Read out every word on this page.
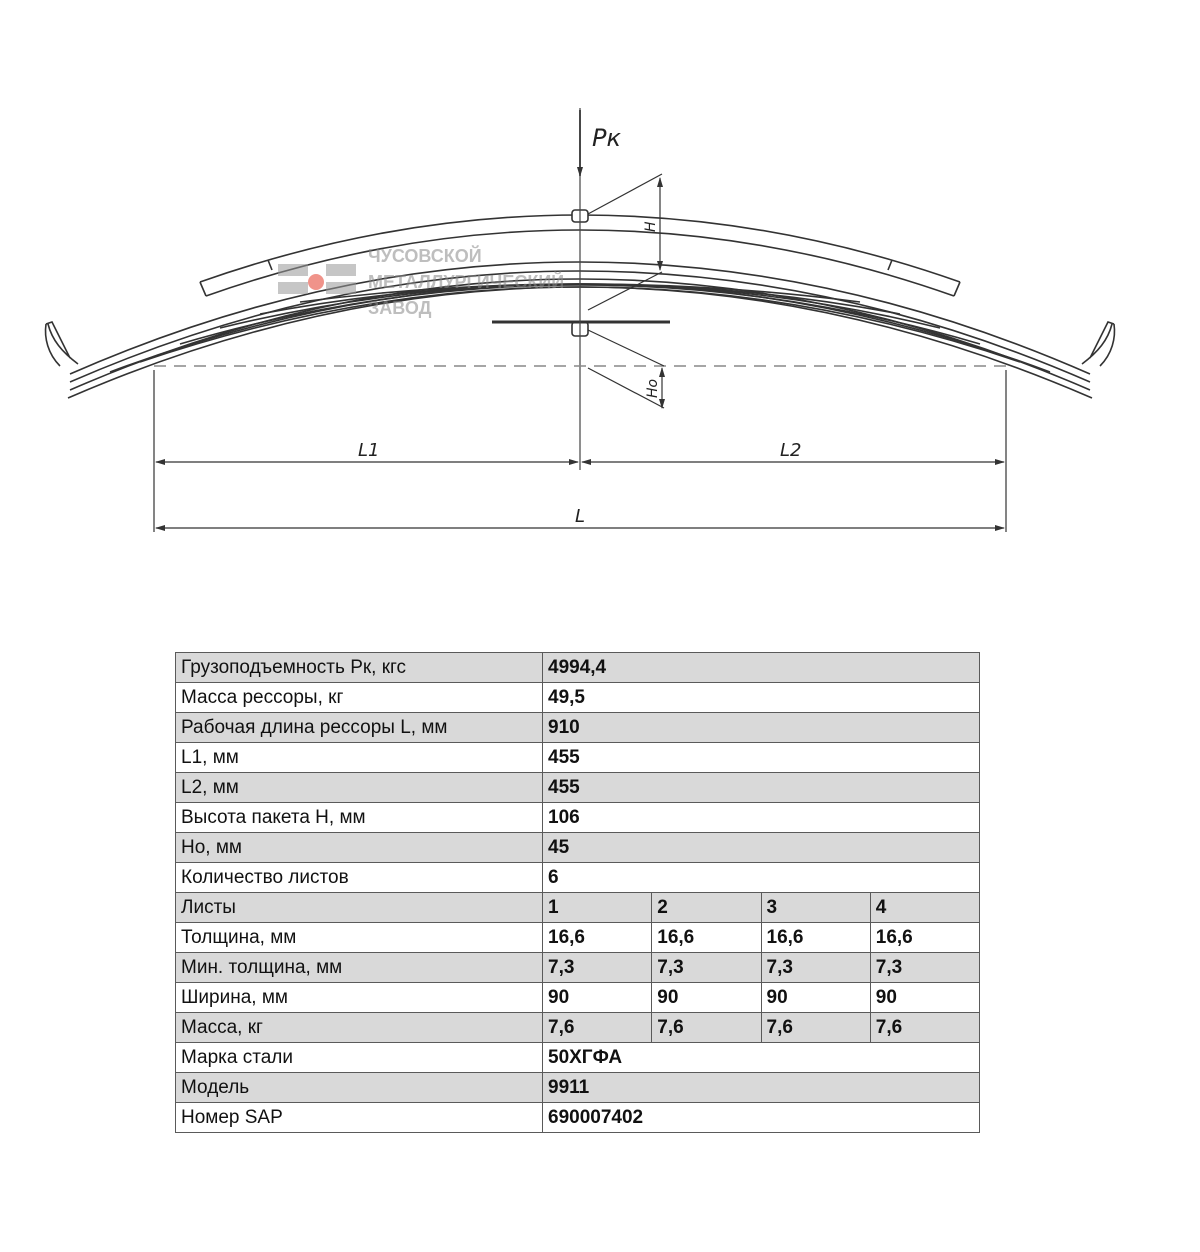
ЧУСОВСКОЙ
МЕТАЛЛУРГИЧЕСКИЙ
ЗАВОД
Pк
H
Hо
L1	L2
L
Грузоподъемность Pк, кгс	4994,4			
Масса рессоры, кг	49,5			
Рабочая длина рессоры L, мм	910			
L1, мм	455			
L2, мм	455			
Высота пакета H, мм	106			
Hо, мм	45			
Количество листов	6			
Листы	1	2	3	4
Толщина, мм	16,6	16,6	16,6	16,6
Мин. толщина, мм	7,3	7,3	7,3	7,3
Ширина, мм	90	90	90	90
Масса, кг	7,6	7,6	7,6	7,6
Марка стали	50ХГФА			
Модель	9911			
Номер SAP	690007402			
